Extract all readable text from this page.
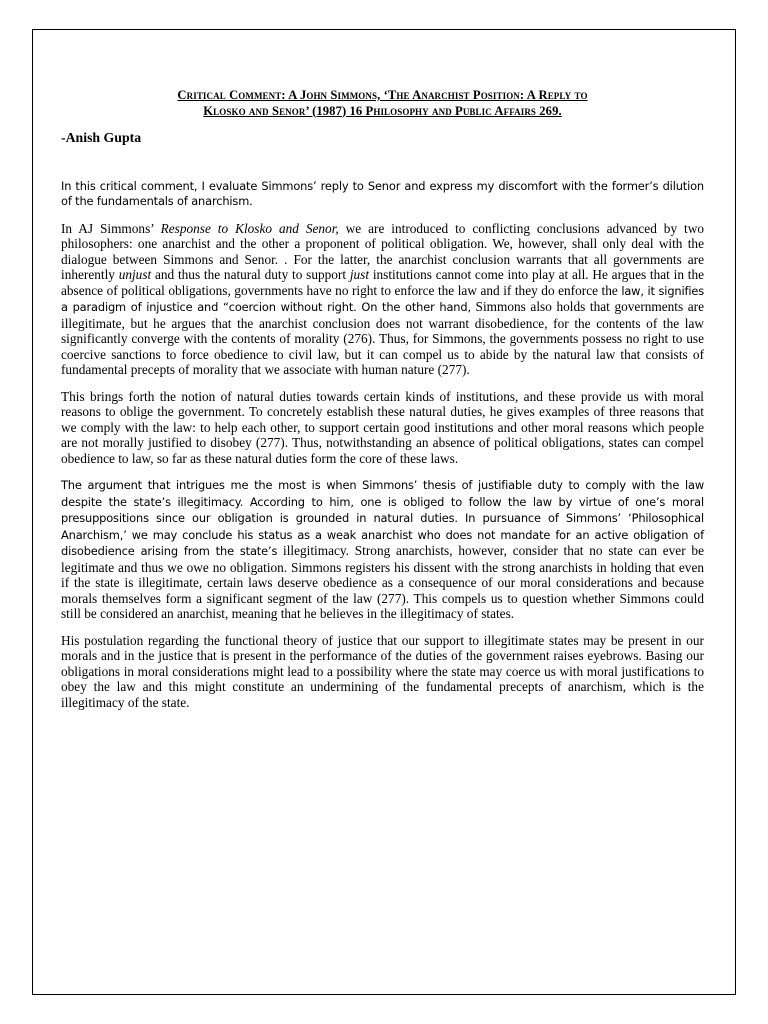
Critical Comment: A John Simmons, ‘The Anarchist Position: A Reply to
Klosko and Senor’ (1987) 16 Philosophy and Public Affairs 269.
-Anish Gupta

In this critical comment, I evaluate Simmons’ reply to Senor and express my discomfort with the former’s dilution of the fundamentals of anarchism.

In AJ Simmons’ Response to Klosko and Senor, we are introduced to conflicting conclusions advanced by two philosophers: one anarchist and the other a proponent of political obligation. We, however, shall only deal with the dialogue between Simmons and Senor. . For the latter, the anarchist conclusion warrants that all governments are inherently unjust and thus the natural duty to support just institutions cannot come into play at all. He argues that in the absence of political obligations, governments have no right to enforce the law and if they do enforce the law, it signifies a paradigm of injustice and “coercion without right. On the other hand, Simmons also holds that governments are illegitimate, but he argues that the anarchist conclusion does not warrant disobedience, for the contents of the law significantly converge with the contents of morality (276). Thus, for Simmons, the governments possess no right to use coercive sanctions to force obedience to civil law, but it can compel us to abide by the natural law that consists of fundamental precepts of morality that we associate with human nature (277).

This brings forth the notion of natural duties towards certain kinds of institutions, and these provide us with moral reasons to oblige the government. To concretely establish these natural duties, he gives examples of three reasons that we comply with the law: to help each other, to support certain good institutions and other moral reasons which people are not morally justified to disobey (277). Thus, notwithstanding an absence of political obligations, states can compel obedience to law, so far as these natural duties form the core of these laws.

The argument that intrigues me the most is when Simmons’ thesis of justifiable duty to comply with the law despite the state’s illegitimacy. According to him, one is obliged to follow the law by virtue of one’s moral presuppositions since our obligation is grounded in natural duties. In pursuance of Simmons’ ‘Philosophical Anarchism,’ we may conclude his status as a weak anarchist who does not mandate for an active obligation of disobedience arising from the state’s illegitimacy. Strong anarchists, however, consider that no state can ever be legitimate and thus we owe no obligation. Simmons registers his dissent with the strong anarchists in holding that even if the state is illegitimate, certain laws deserve obedience as a consequence of our moral considerations and because morals themselves form a significant segment of the law (277). This compels us to question whether Simmons could still be considered an anarchist, meaning that he believes in the illegitimacy of states.

His postulation regarding the functional theory of justice that our support to illegitimate states may be present in our morals and in the justice that is present in the performance of the duties of the government raises eyebrows. Basing our obligations in moral considerations might lead to a possibility where the state may coerce us with moral justifications to obey the law and this might constitute an undermining of the fundamental precepts of anarchism, which is the illegitimacy of the state.
